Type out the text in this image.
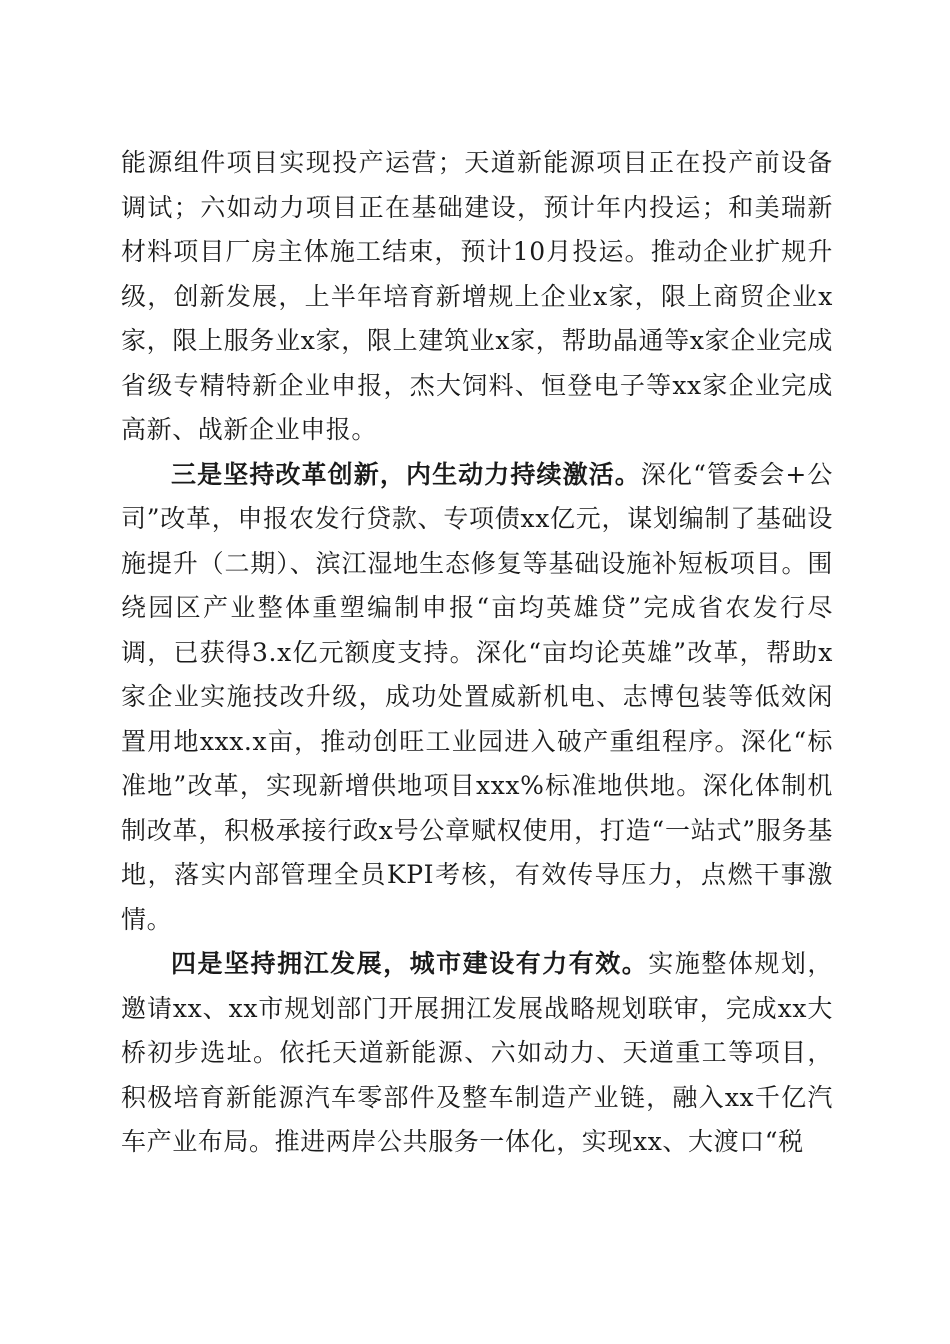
能源组件项目实现投产运营；天道新能源项目正在投产前设备调试；六如动力项目正在基础建设，预计年内投运；和美瑞新材料项目厂房主体施工结束，预计10月投运。推动企业扩规升级，创新发展，上半年培育新增规上企业x家，限上商贸企业x家，限上服务业x家，限上建筑业x家，帮助晶通等x家企业完成省级专精特新企业申报，杰大饲料、恒登电子等xx家企业完成高新、战新企业申报。

三是坚持改革创新，内生动力持续激活。深化“管委会+公司”改革，申报农发行贷款、专项债xx亿元，谋划编制了基础设施提升（二期）、滨江湿地生态修复等基础设施补短板项目。围绕园区产业整体重塑编制申报“亩均英雄贷”完成省农发行尽调，已获得3.x亿元额度支持。深化“亩均论英雄”改革，帮助x家企业实施技改升级，成功处置威新机电、志博包装等低效闲置用地xxx.x亩，推动创旺工业园进入破产重组程序。深化“标准地”改革，实现新增供地项目xxx%标准地供地。深化体制机制改革，积极承接行政x号公章赋权使用，打造“一站式”服务基地，落实内部管理全员KPI考核，有效传导压力，点燃干事激情。

四是坚持拥江发展，城市建设有力有效。实施整体规划，邀请xx、xx市规划部门开展拥江发展战略规划联审，完成xx大桥初步选址。依托天道新能源、六如动力、天道重工等项目，积极培育新能源汽车零部件及整车制造产业链，融入xx千亿汽车产业布局。推进两岸公共服务一体化，实现xx、大渡口“税
